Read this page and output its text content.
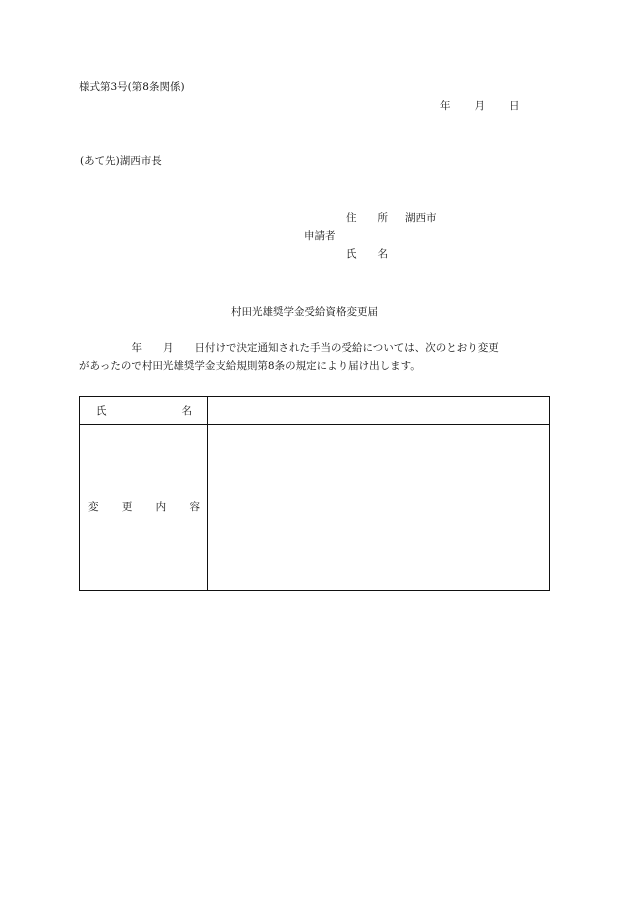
様式第3号(第8条関係)
年 月 日
(あて先)湖西市長
住　　所 湖西市
申請者
氏　　名
村田光雄奨学金受給資格変更届
　　　　　年　　月　　日付けで決定通知された手当の受給については、次のとおり変更
があったので村田光雄奨学金支給規則第8条の規定により届け出します。
氏	名
変 更 内 容
